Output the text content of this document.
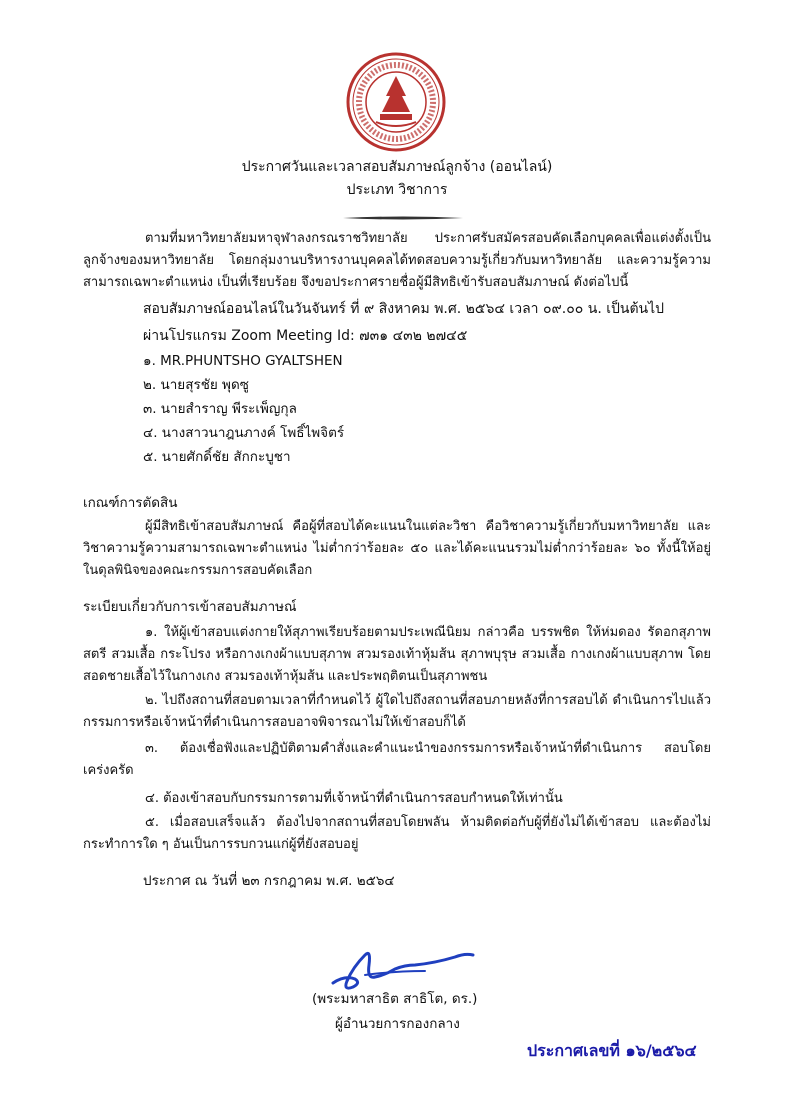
ประกาศวันและเวลาสอบสัมภาษณ์ลูกจ้าง (ออนไลน์)
ประเภท วิชาการ
ตามที่มหาวิทยาลัยมหาจุฬาลงกรณราชวิทยาลัย ประกาศรับสมัครสอบคัดเลือกบุคคลเพื่อแต่งตั้งเป็นลูกจ้างของมหาวิทยาลัย โดยกลุ่มงานบริหารงานบุคคลได้ทดสอบความรู้เกี่ยวกับมหาวิทยาลัย และความรู้ความสามารถเฉพาะตำแหน่ง เป็นที่เรียบร้อย จึงขอประกาศรายชื่อผู้มีสิทธิเข้ารับสอบสัมภาษณ์ ดังต่อไปนี้
สอบสัมภาษณ์ออนไลน์ในวันจันทร์ ที่ ๙ สิงหาคม พ.ศ. ๒๕๖๔ เวลา ๐๙.๐๐ น. เป็นต้นไป
ผ่านโปรแกรม Zoom Meeting Id: ๗๓๑ ๔๓๒ ๒๗๔๕
๑. MR.PHUNTSHO GYALTSHEN
๒. นายสุรชัย พุดซู
๓. นายสำราญ พีระเพ็ญกุล
๔. นางสาวนาฎนภางค์ โพธิ์ไพจิตร์
๕. นายศักดิ์ชัย สักกะบูชา
เกณฑ์การตัดสิน
ผู้มีสิทธิเข้าสอบสัมภาษณ์ คือผู้ที่สอบได้คะแนนในแต่ละวิชา คือวิชาความรู้เกี่ยวกับมหาวิทยาลัย และวิชาความรู้ความสามารถเฉพาะตำแหน่ง ไม่ต่ำกว่าร้อยละ ๕๐ และได้คะแนนรวมไม่ต่ำกว่าร้อยละ ๖๐ ทั้งนี้ให้อยู่ในดุลพินิจของคณะกรรมการสอบคัดเลือก
ระเบียบเกี่ยวกับการเข้าสอบสัมภาษณ์
๑. ให้ผู้เข้าสอบแต่งกายให้สุภาพเรียบร้อยตามประเพณีนิยม กล่าวคือ บรรพชิต ให้ห่มดอง รัดอกสุภาพสตรี สวมเสื้อ กระโปรง หรือกางเกงผ้าแบบสุภาพ สวมรองเท้าหุ้มส้น สุภาพบุรุษ สวมเสื้อ กางเกงผ้าแบบสุภาพ โดยสอดชายเสื้อไว้ในกางเกง สวมรองเท้าหุ้มส้น และประพฤติตนเป็นสุภาพชน
๒. ไปถึงสถานที่สอบตามเวลาที่กำหนดไว้ ผู้ใดไปถึงสถานที่สอบภายหลังที่การสอบได้ ดำเนินการไปแล้ว กรรมการหรือเจ้าหน้าที่ดำเนินการสอบอาจพิจารณาไม่ให้เข้าสอบก็ได้
๓. ต้องเชื่อฟังและปฏิบัติตามคำสั่งและคำแนะนำของกรรมการหรือเจ้าหน้าที่ดำเนินการ สอบโดยเคร่งครัด
๔. ต้องเข้าสอบกับกรรมการตามที่เจ้าหน้าที่ดำเนินการสอบกำหนดให้เท่านั้น
๕. เมื่อสอบเสร็จแล้ว ต้องไปจากสถานที่สอบโดยพลัน ห้ามติดต่อกับผู้ที่ยังไม่ได้เข้าสอบ และต้องไม่กระทำการใด ๆ อันเป็นการรบกวนแก่ผู้ที่ยังสอบอยู่
ประกาศ ณ วันที่ ๒๓ กรกฎาคม พ.ศ. ๒๕๖๔
(พระมหาสาธิต สาธิโต, ดร.)
ผู้อำนวยการกองกลาง
ประกาศเลขที่ ๑๖/๒๕๖๔
